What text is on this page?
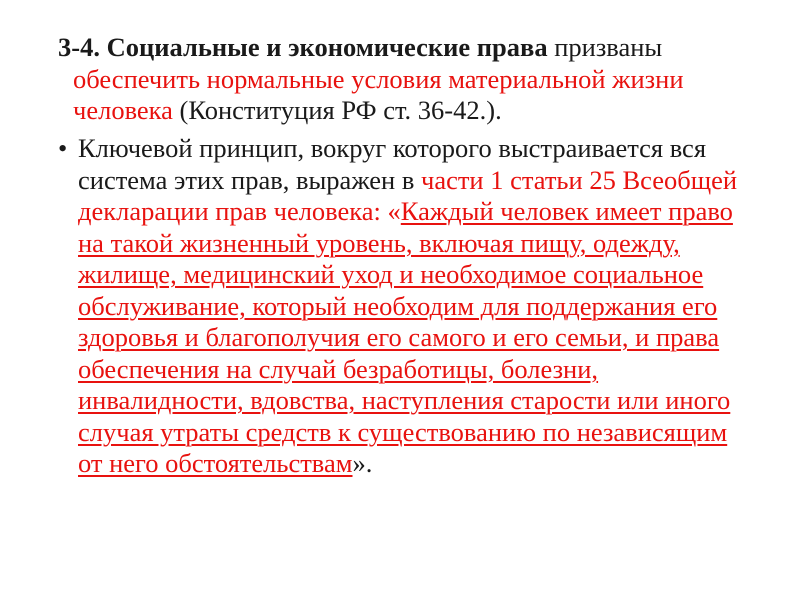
3-4. Социальные и экономические права призваны обеспечить нормальные условия материальной жизни человека (Конституция РФ ст. 36-42.).
• Ключевой принцип, вокруг которого выстраивается вся система этих прав, выражен в части 1 статьи 25 Всеобщей декларации прав человека: «Каждый человек имеет право на такой жизненный уровень, включая пищу, одежду, жилище, медицинский уход и необходимое социальное обслуживание, который необходим для поддержания его здоровья и благополучия его самого и его семьи, и права обеспечения на случай безработицы, болезни, инвалидности, вдовства, наступления старости или иного случая утраты средств к существованию по независящим от него обстоятельствам».
